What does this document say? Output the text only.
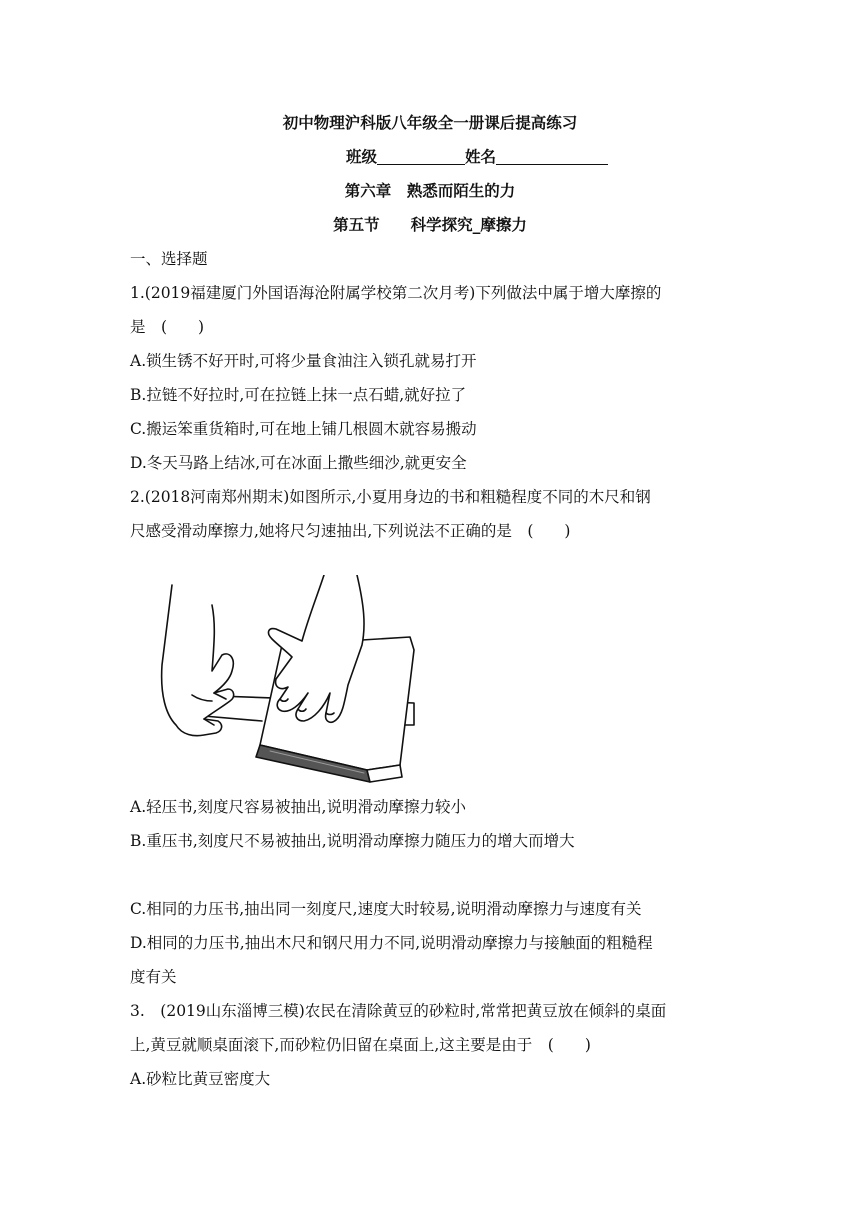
初中物理沪科版八年级全一册课后提高练习
班级	姓名
第六章　熟悉而陌生的力
第五节　　科学探究_摩擦力
一、选择题
1.(2019福建厦门外国语海沧附属学校第二次月考)下列做法中属于增大摩擦的
是　(　　)
A.锁生锈不好开时,可将少量食油注入锁孔就易打开
B.拉链不好拉时,可在拉链上抹一点石蜡,就好拉了
C.搬运笨重货箱时,可在地上铺几根圆木就容易搬动
D.冬天马路上结冰,可在冰面上撒些细沙,就更安全
2.(2018河南郑州期末)如图所示,小夏用身边的书和粗糙程度不同的木尺和钢
尺感受滑动摩擦力,她将尺匀速抽出,下列说法不正确的是　(　　)
A.轻压书,刻度尺容易被抽出,说明滑动摩擦力较小
B.重压书,刻度尺不易被抽出,说明滑动摩擦力随压力的增大而增大
C.相同的力压书,抽出同一刻度尺,速度大时较易,说明滑动摩擦力与速度有关
D.相同的力压书,抽出木尺和钢尺用力不同,说明滑动摩擦力与接触面的粗糙程
度有关
3.　(2019山东淄博三模)农民在清除黄豆的砂粒时,常常把黄豆放在倾斜的桌面
上,黄豆就顺桌面滚下,而砂粒仍旧留在桌面上,这主要是由于　(　　)
A.砂粒比黄豆密度大
